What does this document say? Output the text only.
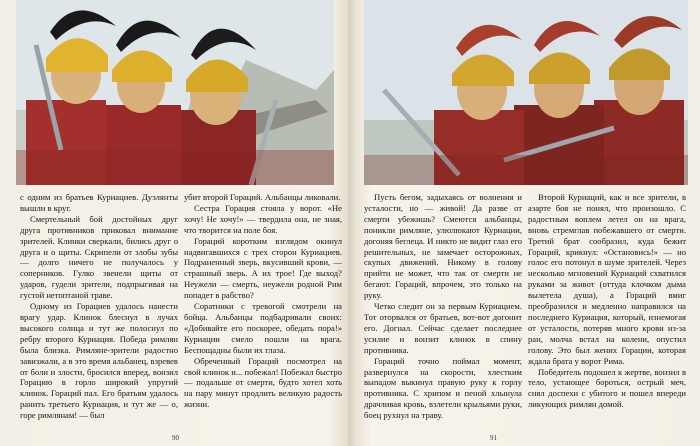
с одним из братьев Куриациев. Дуэлянты вышли в круг.

Смертельный бой достойных друг друга противников приковал внимание зрителей. Клинки сверкали, бились друг о друга и о щиты. Скрипели от злобы зубы — долго ничего не получалось у соперников. Гулко звенели щиты от ударов, гудели зрители, подпрыгивая на густой нетоптаной траве.

Одному из Горациев удалось нанести врагу удар. Клинок блеснул в лучах высокого солнца и тут же полоснул по ребру второго Куриация. Победа римлян была близка. Римляне-зрители радостно завизжали, а в это время альбанец, взревев от боли и злости, бросился вперед, вонзил Горацию в горло широкий упругий клинок. Гораций пал. Его братьям удалось ранить третьего Куриация, и тут же — о, горе римлянам! — был

убит второй Гораций. Альбанцы ликовали.

Сестра Горация стояла у ворот. «Не хочу! Не хочу!» — твердила она, не зная, что творится на поле боя.

Гораций коротким взглядом окинул надвигавшихся с трех сторон Куриациев. Подраненный зверь, вкусивший крови, — страшный зверь. А их трое! Где выход? Неужели — смерть, неужели родной Рим попадет в рабство?

Соратники с тревогой смотрели на бойца. Альбанцы подбадривали своих: «Добивайте его поскорее, обедать пора!» Куриации смело пошли на врага. Беспощадны были их глаза.

Обреченный Гораций посмотрел на свой клинок и... побежал! Побежал быстро — подальше от смерти, будто хотел хоть на пару минут продлить великую радость жизни.

90

Пусть бегом, задыхаясь от волнения и усталости, но — живой! Да разве от смерти убежишь? Смеются альбанцы, поникли римляне, улюлюкают Куриации, догоняя беглеца. И никто не видит глаз его решительных, не замечает осторожных, скупых движений. Никому в голову прийти не может, что так от смерти не бегают. Гораций, впрочем, это только на руку.

Четко следит он за первым Куриацием. Тот оторвался от братьев, вот-вот догонит его. Догнал. Сейчас сделает последнее усилие и вонзит клинок в спину противника.

Гораций точно поймал момент, развернулся на скорости, хлестким выпадом выкинул правую руку к горлу противника. С хрипом и пеной хлынула драчливая кровь, взлетели крыльями руки, боец рухнул на траву.

Второй Куриаций, как и все зрители, в азарте боя не понял, что произошло. С радостным воплем летел он на врага, вновь стремглав побежавшего от смерти. Третий брат сообразил, куда бежит Гораций, крикнул: «Остановись!» — но голос его потонул в шуме зрителей. Через несколько мгновений Куриаций схватился руками за живот (оттуда клочком дыма вылетела душа), а Гораций вмиг преобразился и медленно направился на последнего Куриация, который, изнемогая от усталости, потеряв много крови из-за ран, молча встал на колени, опустил голову. Это был жених Горации, которая ждала брата у ворот Рима.

Победитель подошел к жертве, вонзил в тело, устающее бороться, острый меч, снял доспехи с убитого и пошел впереди ликующих римлян домой.

91
